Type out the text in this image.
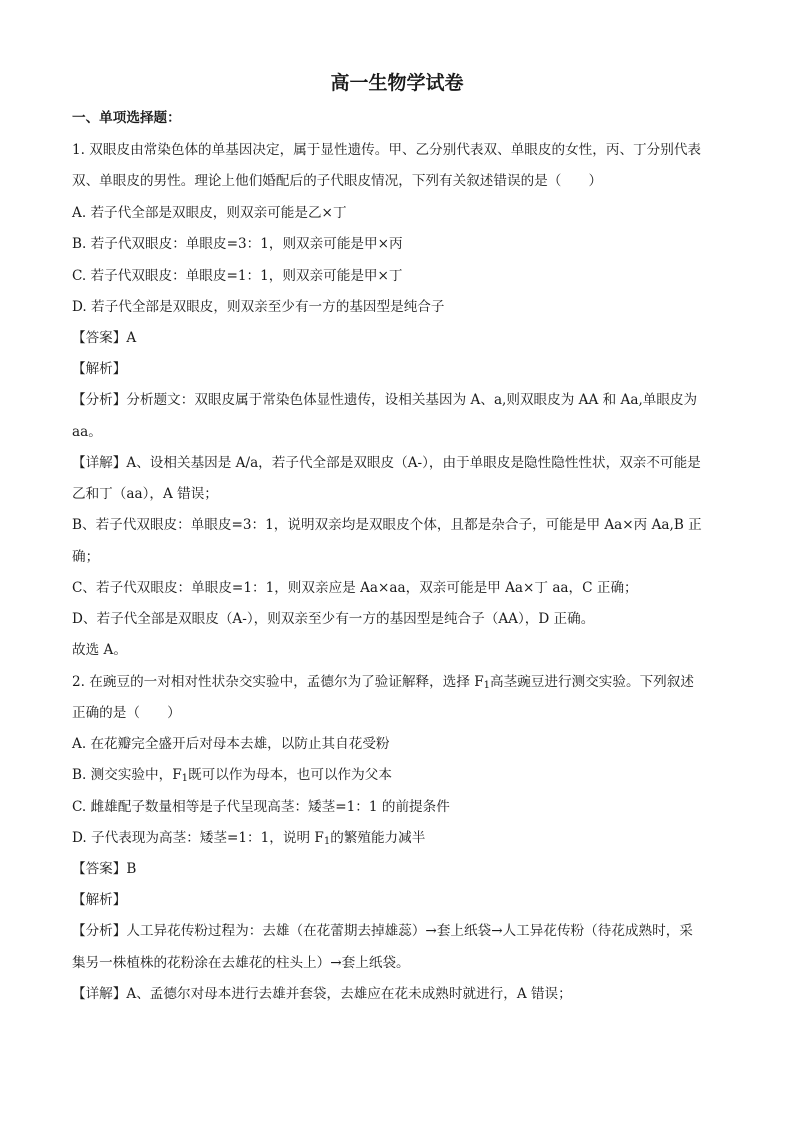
高一生物学试卷
一、单项选择题：
1. 双眼皮由常染色体的单基因决定，属于显性遗传。甲、乙分别代表双、单眼皮的女性，丙、丁分别代表
双、单眼皮的男性。理论上他们婚配后的子代眼皮情况，下列有关叙述错误的是（　　）
A. 若子代全部是双眼皮，则双亲可能是乙×丁
B. 若子代双眼皮：单眼皮=3：1，则双亲可能是甲×丙
C. 若子代双眼皮：单眼皮=1：1，则双亲可能是甲×丁
D. 若子代全部是双眼皮，则双亲至少有一方的基因型是纯合子
【答案】A
【解析】
【分析】分析题文：双眼皮属于常染色体显性遗传，设相关基因为 A、a,则双眼皮为 AA 和 Aa,单眼皮为
aa。
【详解】A、设相关基因是 A/a，若子代全部是双眼皮（A-），由于单眼皮是隐性隐性性状，双亲不可能是
乙和丁（aa），A 错误；
B、若子代双眼皮：单眼皮=3：1，说明双亲均是双眼皮个体，且都是杂合子，可能是甲 Aa×丙 Aa,B 正
确；
C、若子代双眼皮：单眼皮=1：1，则双亲应是 Aa×aa，双亲可能是甲 Aa×丁 aa，C 正确；
D、若子代全部是双眼皮（A-），则双亲至少有一方的基因型是纯合子（AA），D 正确。
故选 A。
2. 在豌豆的一对相对性状杂交实验中，孟德尔为了验证解释，选择 $F_1$高茎豌豆进行测交实验。下列叙述
正确的是（　　）
A. 在花瓣完全盛开后对母本去雄，以防止其自花受粉
B. 测交实验中，$F_1$既可以作为母本，也可以作为父本
C. 雌雄配子数量相等是子代呈现高茎：矮茎=1：1 的前提条件
D. 子代表现为高茎：矮茎=1：1，说明 $F_1$的繁殖能力减半
【答案】B
【解析】
【分析】人工异花传粉过程为：去雄（在花蕾期去掉雄蕊）→套上纸袋→人工异花传粉（待花成熟时，采
集另一株植株的花粉涂在去雄花的柱头上）→套上纸袋。
【详解】A、孟德尔对母本进行去雄并套袋，去雄应在花未成熟时就进行，A 错误；
